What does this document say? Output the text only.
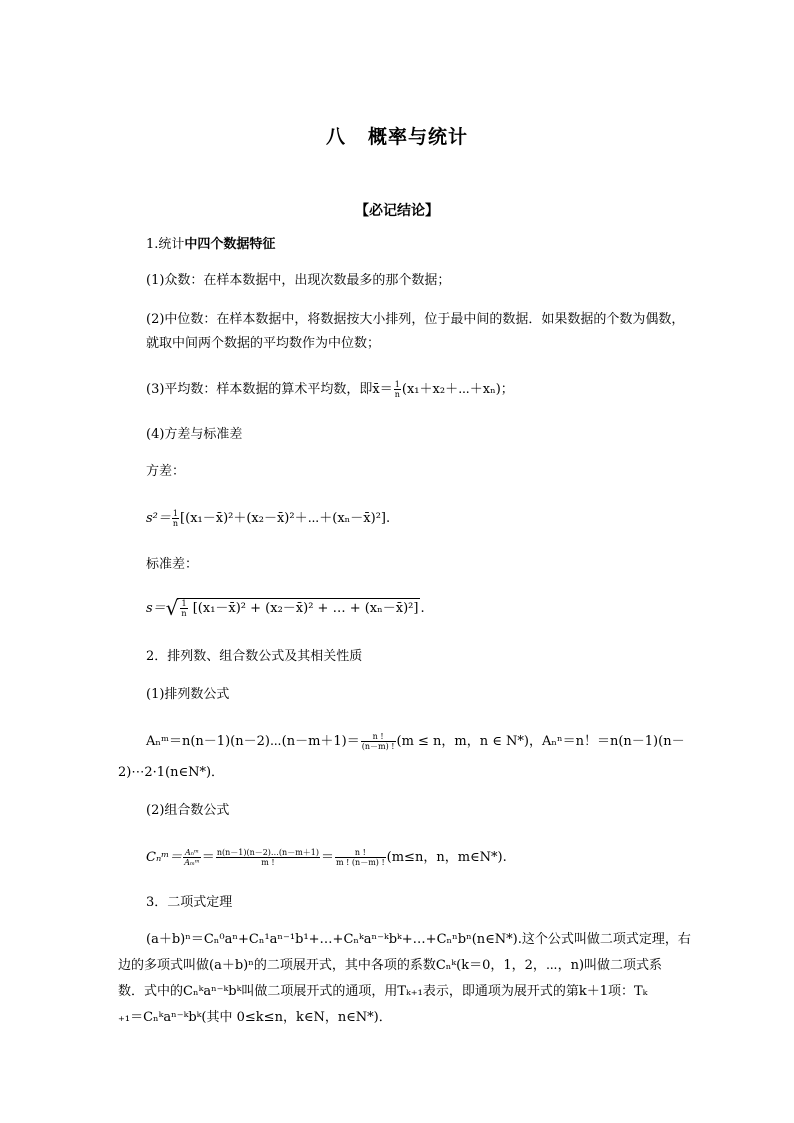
八 概率与统计
【必记结论】
1.统计中四个数据特征
(1)众数：在样本数据中，出现次数最多的那个数据；
(2)中位数：在样本数据中，将数据按大小排列，位于最中间的数据．如果数据的个数为偶数，就取中间两个数据的平均数作为中位数；
(3)平均数：样本数据的算术平均数，即x̄＝ $\frac{1}{n}$ (x₁＋x₂＋⋯＋xₙ)；
(4)方差与标准差
方差：
$s^2= \frac{1}{n}$ [(x₁－x̄)²＋(x₂－x̄)²＋⋯＋(xₙ－x̄)²].
标准差：
$s=√ \frac{1}{n}$ [(x₁－x̄)² + (x₂－x̄)² + … + (xₙ－x̄)²] .
2．排列数、组合数公式及其相关性质
(1)排列数公式
Aₙᵐ＝n(n－1)(n－2)⋯(n－m＋1)＝ $\frac{n !}{(n-m) !} (m \le n$，m，n ∈ N*)，Aₙⁿ＝n！＝n(n－1)(n－
2)⋯2·1(n∈N*)．
(2)组合数公式
Cₙᵐ＝ $\frac{\text{Aₙᵐ}}{\text{Aₘᵐ}} = \frac{n(n-1)(n-2)\dots(n-m+1)}{m !} = \frac{n !}{m ! (n-m) !} (m\le n$，n，m∈N*).
3．二项式定理
(a＋b)ⁿ＝Cₙ⁰aⁿ+Cₙ¹aⁿ⁻¹b¹+…+Cₙᵏaⁿ⁻ᵏbᵏ+…+Cₙⁿbⁿ(n∈N*).这个公式叫做二项式定理，右
边的多项式叫做(a＋b)ⁿ的二项展开式，其中各项的系数Cₙᵏ(k＝0，1，2，⋯，n)叫做二项式系
数．式中的Cₙᵏaⁿ⁻ᵏbᵏ叫做二项展开式的通项，用Tₖ₊₁表示，即通项为展开式的第k＋1项：Tₖ
₊₁＝Cₙᵏaⁿ⁻ᵏbᵏ(其中 0≤k≤n，k∈N，n∈N*)．
